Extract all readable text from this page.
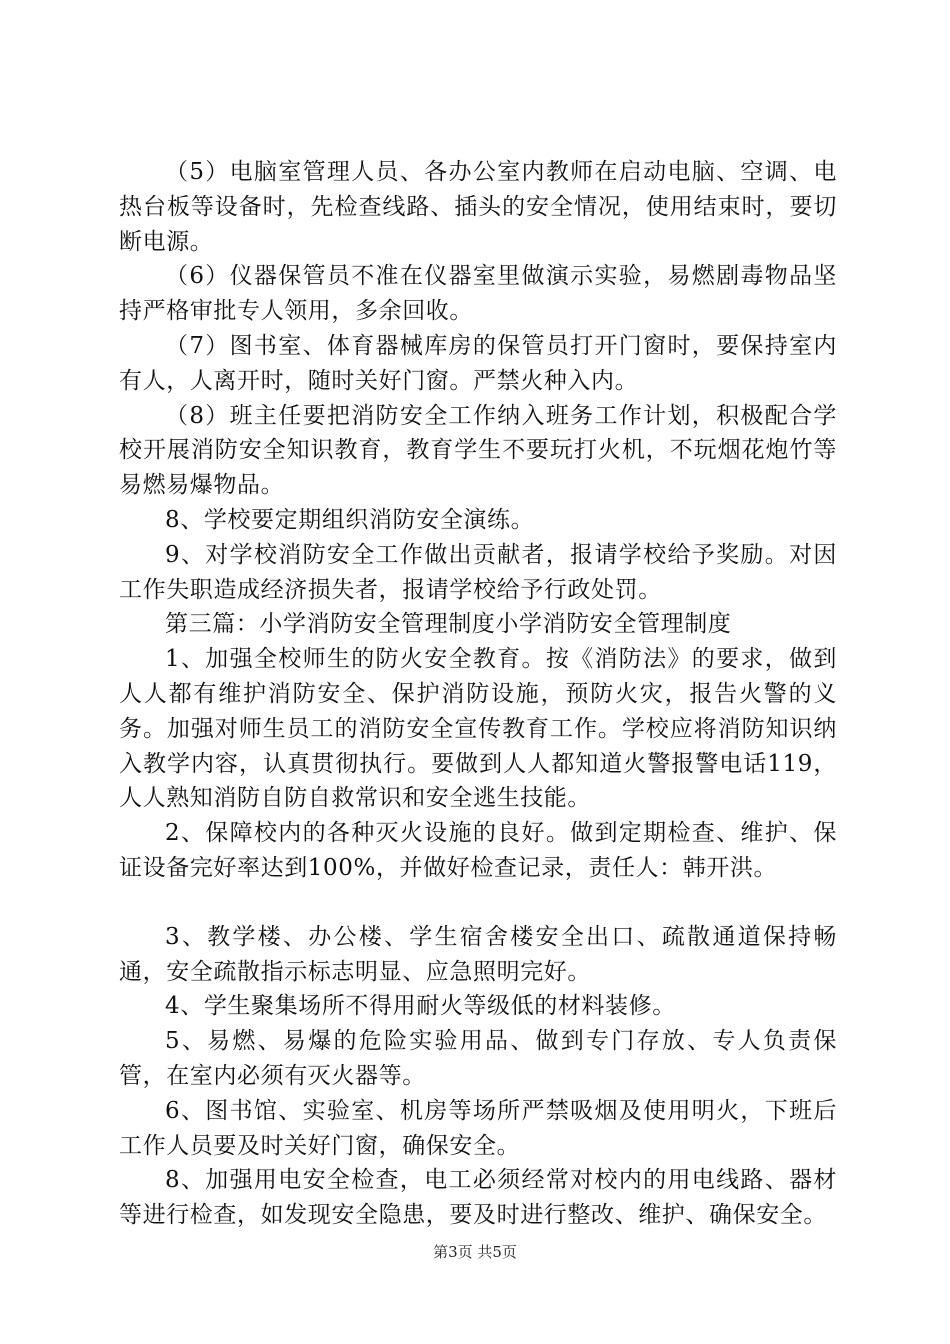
（5）电脑室管理人员、各办公室内教师在启动电脑、空调、电热台板等设备时，先检查线路、插头的安全情况，使用结束时，要切断电源。

（6）仪器保管员不准在仪器室里做演示实验，易燃剧毒物品坚持严格审批专人领用，多余回收。

（7）图书室、体育器械库房的保管员打开门窗时，要保持室内有人，人离开时，随时关好门窗。严禁火种入内。

（8）班主任要把消防安全工作纳入班务工作计划，积极配合学校开展消防安全知识教育，教育学生不要玩打火机，不玩烟花炮竹等易燃易爆物品。

8、学校要定期组织消防安全演练。

9、对学校消防安全工作做出贡献者，报请学校给予奖励。对因工作失职造成经济损失者，报请学校给予行政处罚。

第三篇：小学消防安全管理制度小学消防安全管理制度

1、加强全校师生的防火安全教育。按《消防法》的要求，做到人人都有维护消防安全、保护消防设施，预防火灾，报告火警的义务。加强对师生员工的消防安全宣传教育工作。学校应将消防知识纳入教学内容，认真贯彻执行。要做到人人都知道火警报警电话119，人人熟知消防自防自救常识和安全逃生技能。

2、保障校内的各种灭火设施的良好。做到定期检查、维护、保证设备完好率达到100%，并做好检查记录，责任人：韩开洪。

3、教学楼、办公楼、学生宿舍楼安全出口、疏散通道保持畅通，安全疏散指示标志明显、应急照明完好。

4、学生聚集场所不得用耐火等级低的材料装修。

5、易燃、易爆的危险实验用品、做到专门存放、专人负责保管，在室内必须有灭火器等。

6、图书馆、实验室、机房等场所严禁吸烟及使用明火，下班后工作人员要及时关好门窗，确保安全。

8、加强用电安全检查，电工必须经常对校内的用电线路、器材等进行检查，如发现安全隐患，要及时进行整改、维护、确保安全。

第3页 共5页
